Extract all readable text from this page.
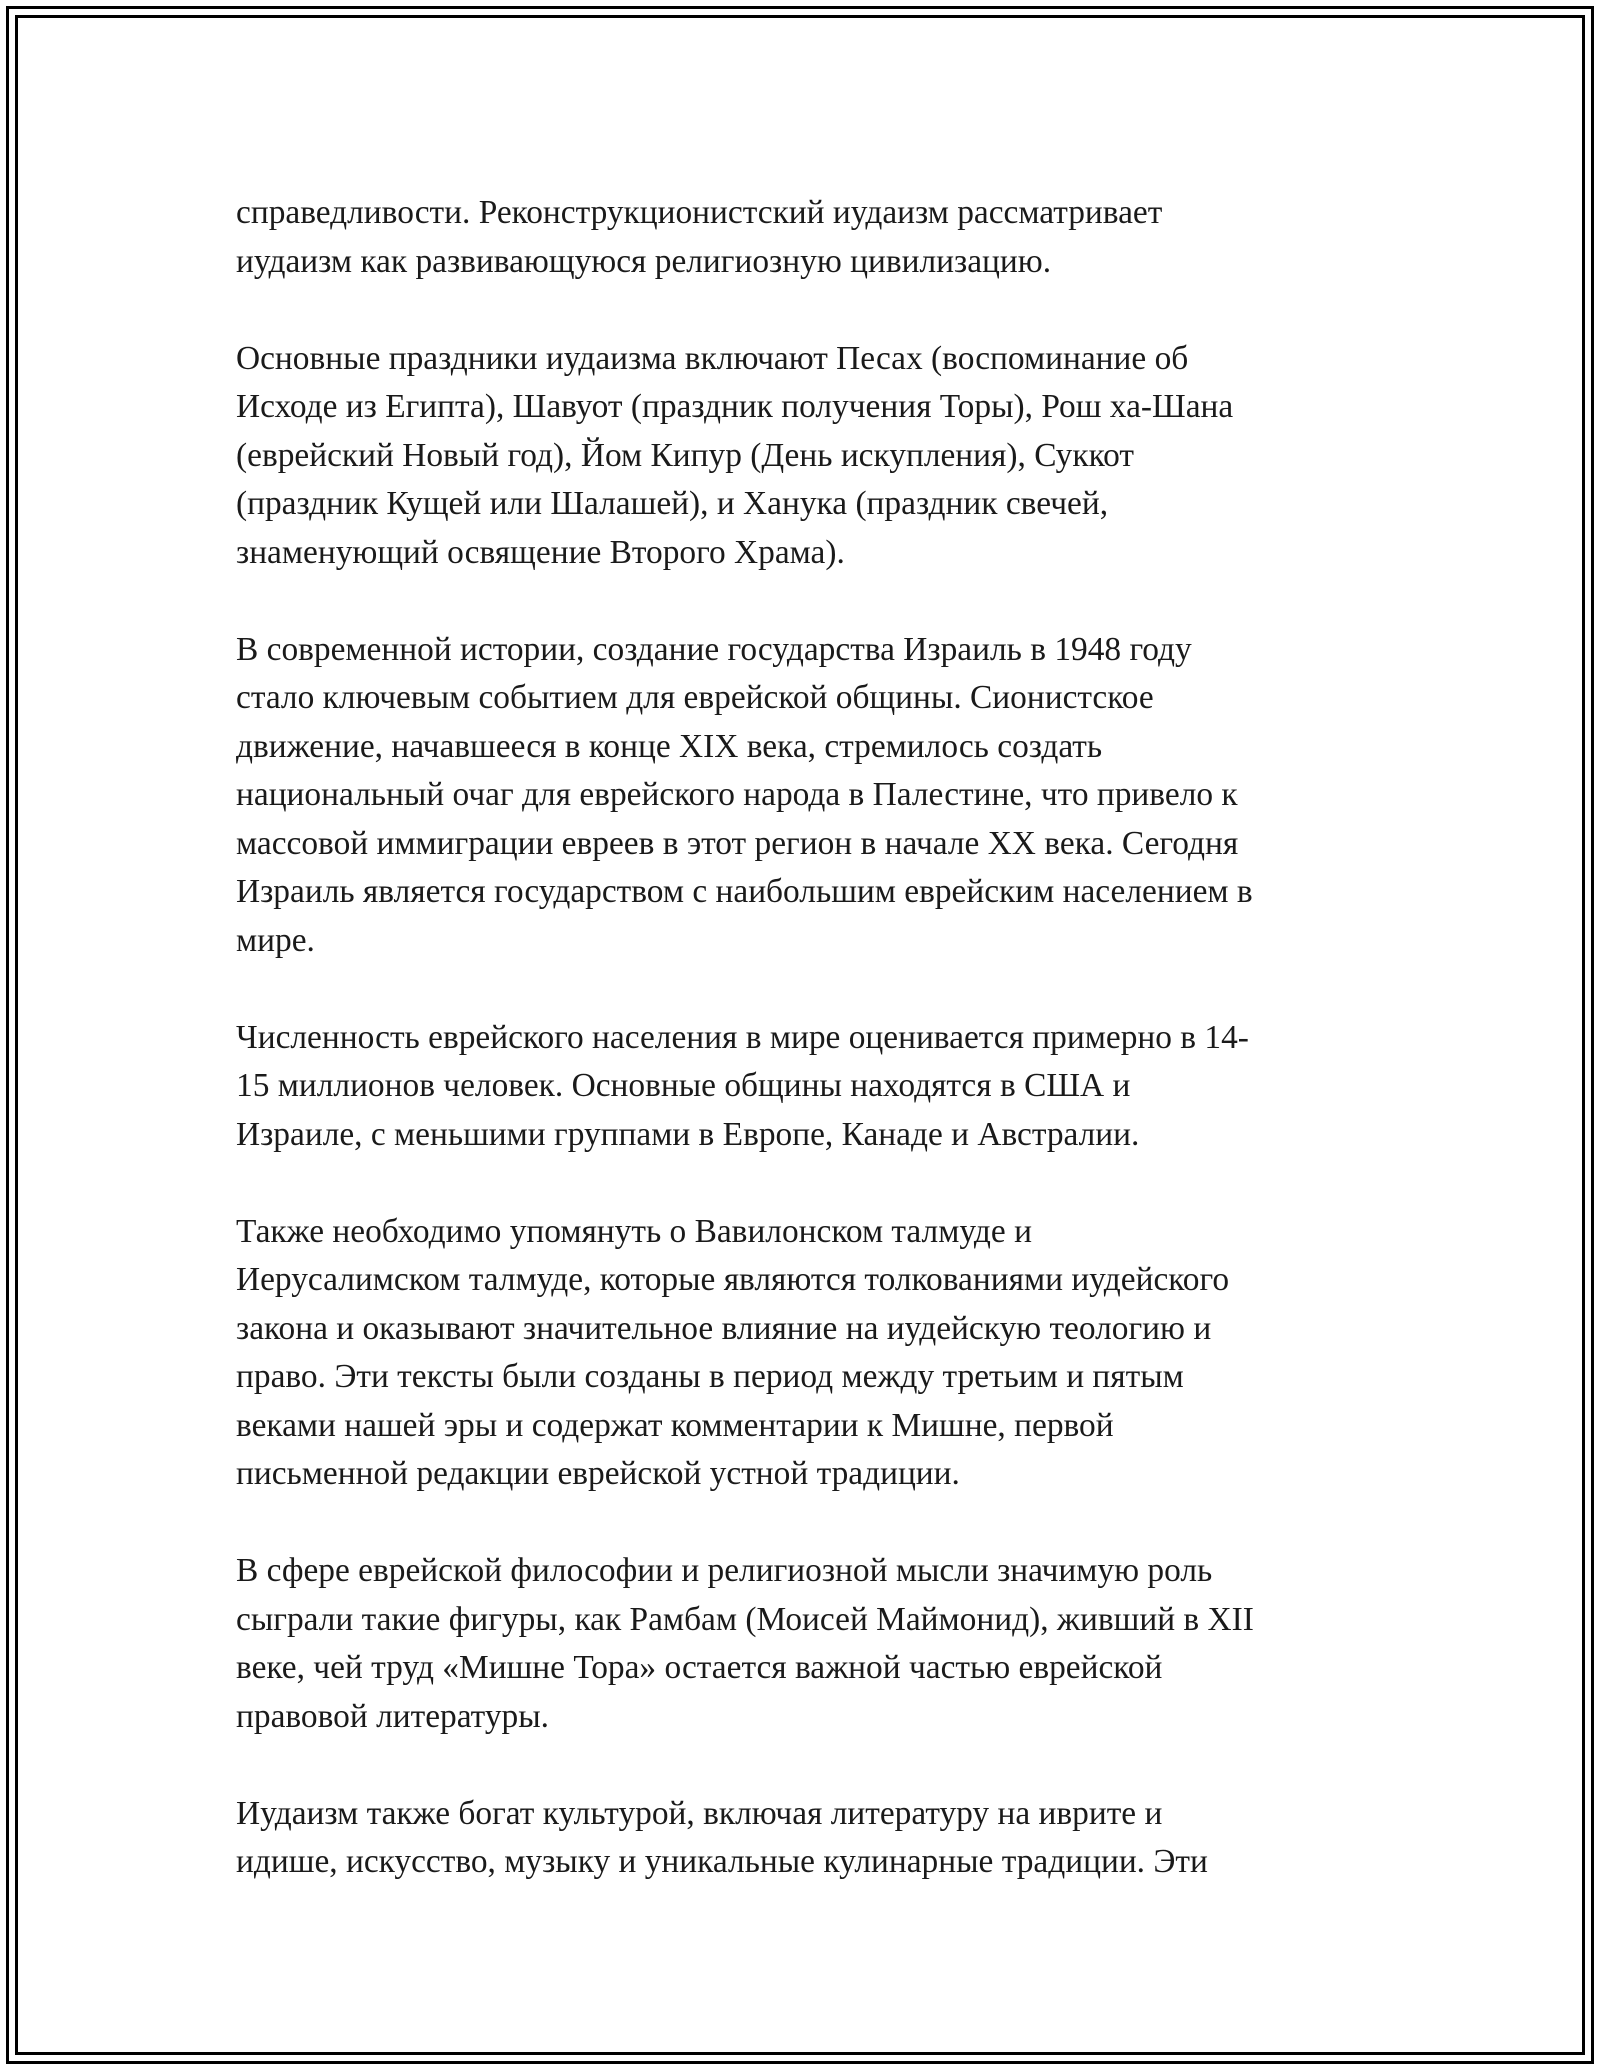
справедливости. Реконструкционистский иудаизм рассматривает
иудаизм как развивающуюся религиозную цивилизацию.

Основные праздники иудаизма включают Песах (воспоминание об
Исходе из Египта), Шавуот (праздник получения Торы), Рош ха-Шана
(еврейский Новый год), Йом Кипур (День искупления), Суккот
(праздник Кущей или Шалашей), и Ханука (праздник свечей,
знаменующий освящение Второго Храма).

В современной истории, создание государства Израиль в 1948 году
стало ключевым событием для еврейской общины. Сионистское
движение, начавшееся в конце XIX века, стремилось создать
национальный очаг для еврейского народа в Палестине, что привело к
массовой иммиграции евреев в этот регион в начале XX века. Сегодня
Израиль является государством с наибольшим еврейским населением в
мире.

Численность еврейского населения в мире оценивается примерно в 14-
15 миллионов человек. Основные общины находятся в США и
Израиле, с меньшими группами в Европе, Канаде и Австралии.

Также необходимо упомянуть о Вавилонском талмуде и
Иерусалимском талмуде, которые являются толкованиями иудейского
закона и оказывают значительное влияние на иудейскую теологию и
право. Эти тексты были созданы в период между третьим и пятым
веками нашей эры и содержат комментарии к Мишне, первой
письменной редакции еврейской устной традиции.

В сфере еврейской философии и религиозной мысли значимую роль
сыграли такие фигуры, как Рамбам (Моисей Маймонид), живший в XII
веке, чей труд «Мишне Тора» остается важной частью еврейской
правовой литературы.

Иудаизм также богат культурой, включая литературу на иврите и
идише, искусство, музыку и уникальные кулинарные традиции. Эти
